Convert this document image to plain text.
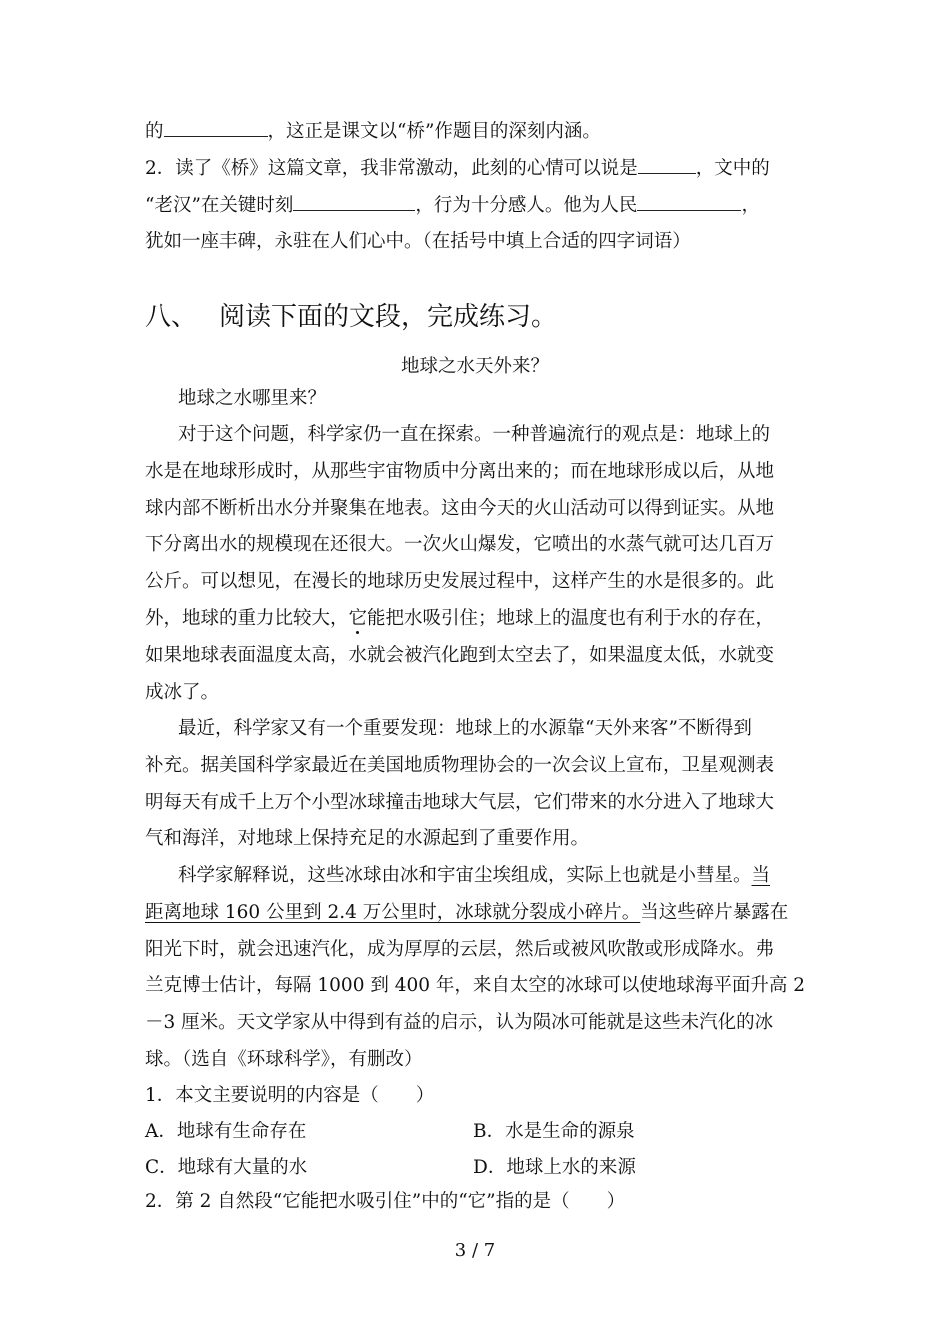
的	，这正是课文以“桥”作题目的深刻内涵。
2．读了《桥》这篇文章，我非常激动，此刻的心情可以说是	，文中的
“老汉”在关键时刻	，行为十分感人。他为人民	，
犹如一座丰碑，永驻在人们心中。（在括号中填上合适的四字词语）
八、 阅读下面的文段，完成练习。
地球之水天外来？
地球之水哪里来？
对于这个问题，科学家仍一直在探索。一种普遍流行的观点是：地球上的
水是在地球形成时，从那些宇宙物质中分离出来的；而在地球形成以后，从地
球内部不断析出水分并聚集在地表。这由今天的火山活动可以得到证实。从地
下分离出水的规模现在还很大。一次火山爆发，它喷出的水蒸气就可达几百万
公斤。可以想见，在漫长的地球历史发展过程中，这样产生的水是很多的。此
外，地球的重力比较大，它能把水吸引住；地球上的温度也有利于水的存在，
如果地球表面温度太高，水就会被汽化跑到太空去了，如果温度太低，水就变
成冰了。
最近，科学家又有一个重要发现：地球上的水源靠“天外来客”不断得到
补充。据美国科学家最近在美国地质物理协会的一次会议上宣布，卫星观测表
明每天有成千上万个小型冰球撞击地球大气层，它们带来的水分进入了地球大
气和海洋，对地球上保持充足的水源起到了重要作用。
科学家解释说，这些冰球由冰和宇宙尘埃组成，实际上也就是小彗星。当
距离地球 160 公里到 2.4 万公里时，冰球就分裂成小碎片。当这些碎片暴露在
阳光下时，就会迅速汽化，成为厚厚的云层，然后或被风吹散或形成降水。弗
兰克博士估计，每隔 1000 到 400 年，来自太空的冰球可以使地球海平面升高 2
－3 厘米。天文学家从中得到有益的启示，认为陨冰可能就是这些未汽化的冰
球。（选自《环球科学》，有删改）
1．本文主要说明的内容是（　　）
A．地球有生命存在	B．水是生命的源泉
C．地球有大量的水	D．地球上水的来源
2．第 2 自然段“它能把水吸引住”中的“它”指的是（　　）
3 / 7
